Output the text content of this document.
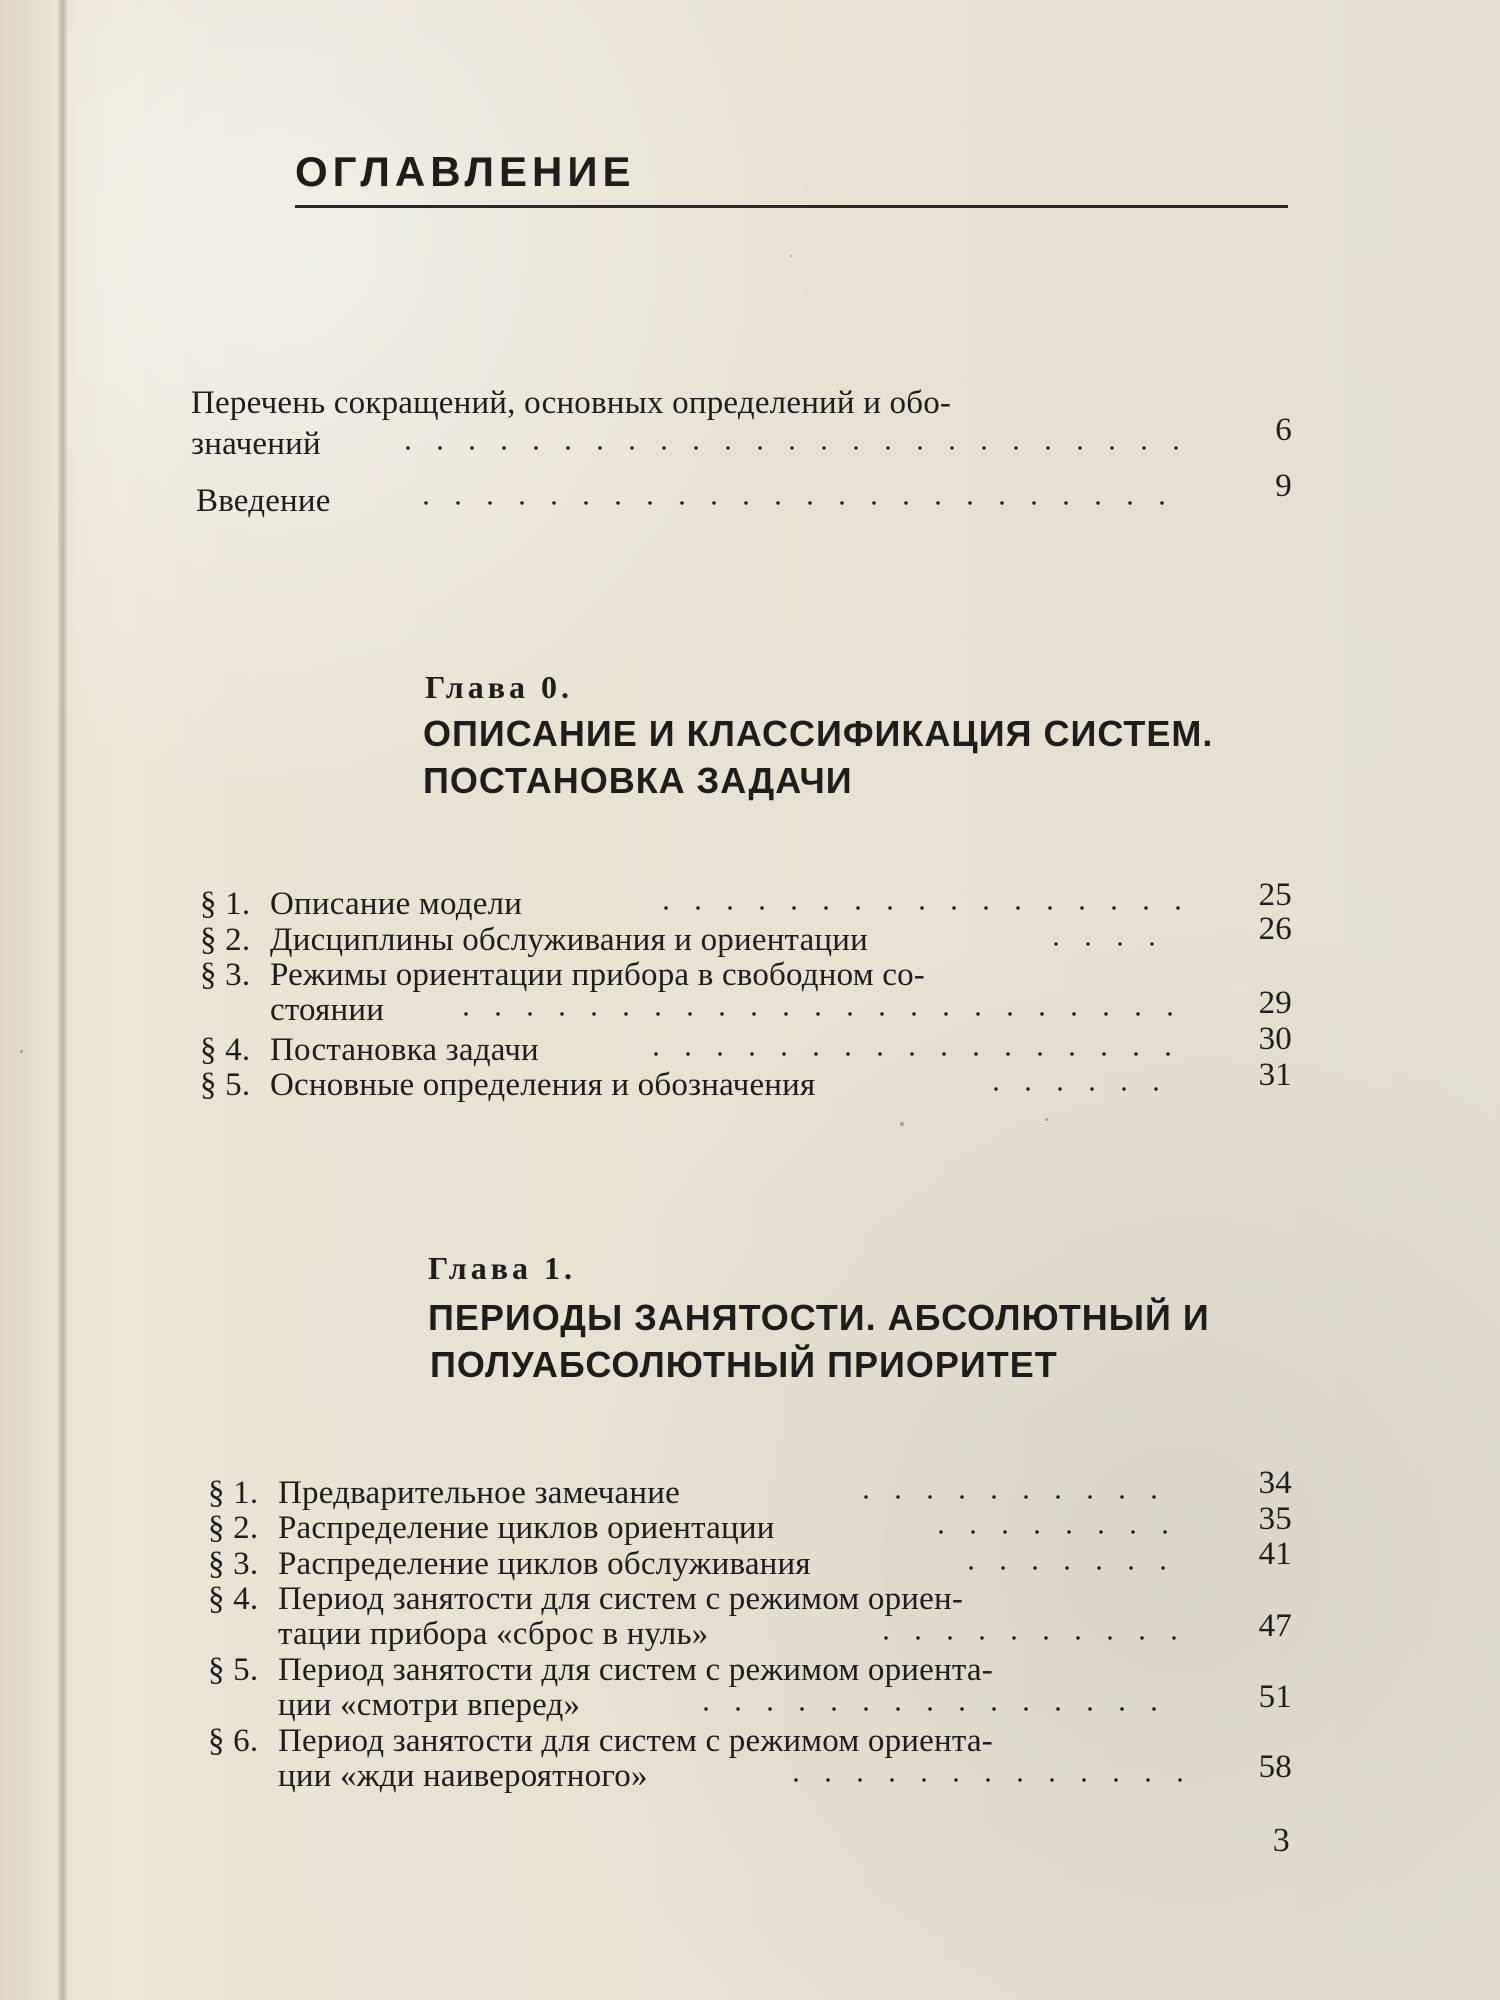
ОГЛАВЛЕНИЕ
Перечень сокращений, основных определений и обо-
значений	6
Введение	9
Глава 0.
ОПИСАНИЕ И КЛАССИФИКАЦИЯ СИСТЕМ.
ПОСТАНОВКА ЗАДАЧИ
§ 1. Описание модели	25
§ 2. Дисциплины обслуживания и ориентации	26
§ 3. Режимы ориентации прибора в свободном со-
стоянии	29
§ 4. Постановка задачи	30
§ 5. Основные определения и обозначения	31
Глава 1.
ПЕРИОДЫ ЗАНЯТОСТИ. АБСОЛЮТНЫЙ И
ПОЛУАБСОЛЮТНЫЙ ПРИОРИТЕТ
§ 1. Предварительное замечание	34
§ 2. Распределение циклов ориентации	35
§ 3. Распределение циклов обслуживания	41
§ 4. Период занятости для систем с режимом ориен-
тации прибора «сброс в нуль»	47
§ 5. Период занятости для систем с режимом ориента-
ции «смотри вперед»	51
§ 6. Период занятости для систем с режимом ориента-
ции «жди наивероятного»	58
3
